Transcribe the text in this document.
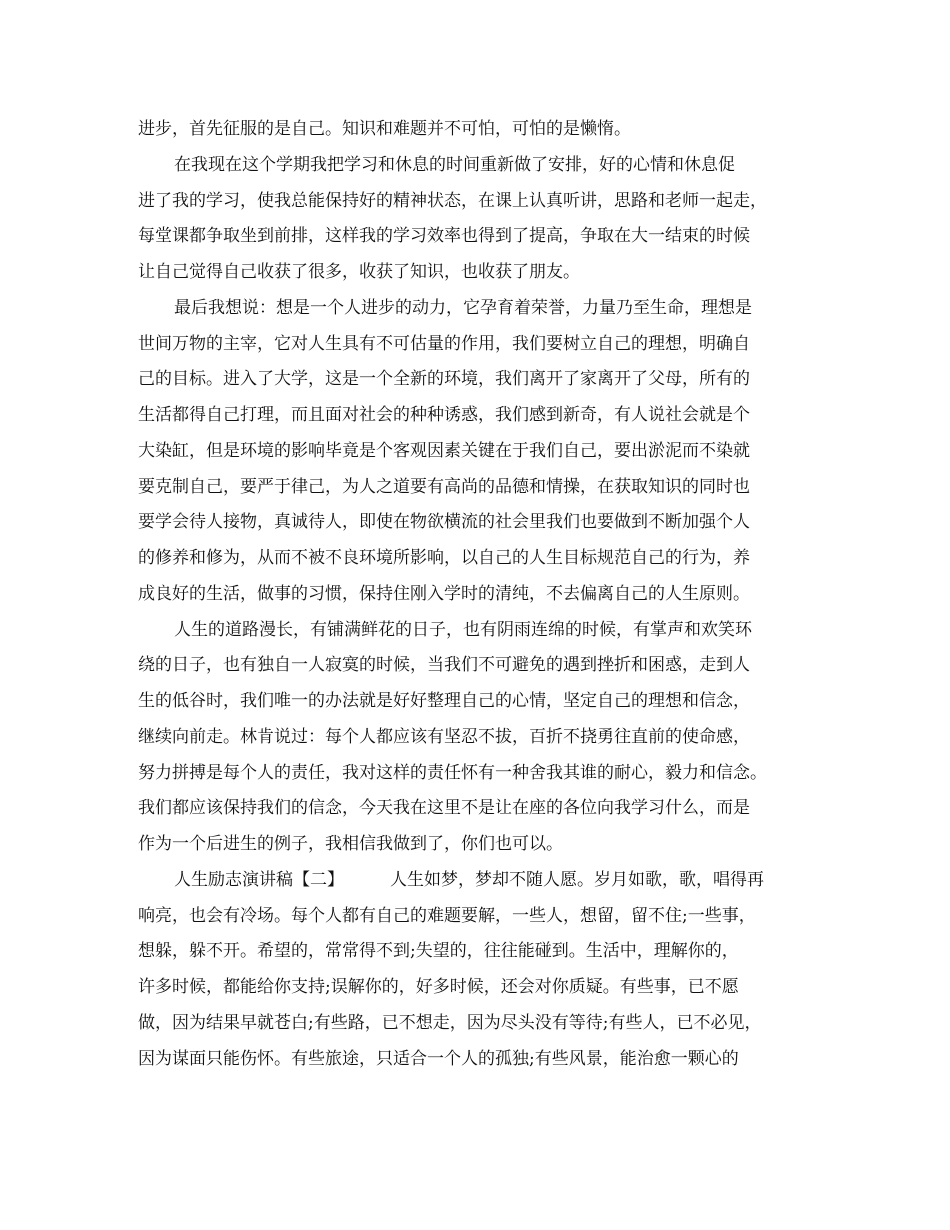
进步，首先征服的是自己。知识和难题并不可怕，可怕的是懒惰。
在我现在这个学期我把学习和休息的时间重新做了安排，好的心情和休息促
进了我的学习，使我总能保持好的精神状态，在课上认真听讲，思路和老师一起走，
每堂课都争取坐到前排，这样我的学习效率也得到了提高，争取在大一结束的时候
让自己觉得自己收获了很多，收获了知识，也收获了朋友。
最后我想说：想是一个人进步的动力，它孕育着荣誉，力量乃至生命，理想是
世间万物的主宰，它对人生具有不可估量的作用，我们要树立自己的理想，明确自
己的目标。进入了大学，这是一个全新的环境，我们离开了家离开了父母，所有的
生活都得自己打理，而且面对社会的种种诱惑，我们感到新奇，有人说社会就是个
大染缸，但是环境的影响毕竟是个客观因素关键在于我们自己，要出淤泥而不染就
要克制自己，要严于律己，为人之道要有高尚的品德和情操，在获取知识的同时也
要学会待人接物，真诚待人，即使在物欲横流的社会里我们也要做到不断加强个人
的修养和修为，从而不被不良环境所影响，以自己的人生目标规范自己的行为，养
成良好的生活，做事的习惯，保持住刚入学时的清纯，不去偏离自己的人生原则。
人生的道路漫长，有铺满鲜花的日子，也有阴雨连绵的时候，有掌声和欢笑环
绕的日子，也有独自一人寂寞的时候，当我们不可避免的遇到挫折和困惑，走到人
生的低谷时，我们唯一的办法就是好好整理自己的心情，坚定自己的理想和信念，
继续向前走。林肯说过：每个人都应该有坚忍不拔，百折不挠勇往直前的使命感，
努力拼搏是每个人的责任，我对这样的责任怀有一种舍我其谁的耐心，毅力和信念。
我们都应该保持我们的信念，今天我在这里不是让在座的各位向我学习什么，而是
作为一个后进生的例子，我相信我做到了，你们也可以。
人生励志演讲稿【二】	人生如梦，梦却不随人愿。岁月如歌，歌，唱得再
响亮，也会有冷场。每个人都有自己的难题要解，一些人，想留，留不住;一些事，
想躲，躲不开。希望的，常常得不到;失望的，往往能碰到。生活中，理解你的，
许多时候，都能给你支持;误解你的，好多时候，还会对你质疑。有些事，已不愿
做，因为结果早就苍白;有些路，已不想走，因为尽头没有等待;有些人，已不必见，
因为谋面只能伤怀。有些旅途，只适合一个人的孤独;有些风景，能治愈一颗心的
